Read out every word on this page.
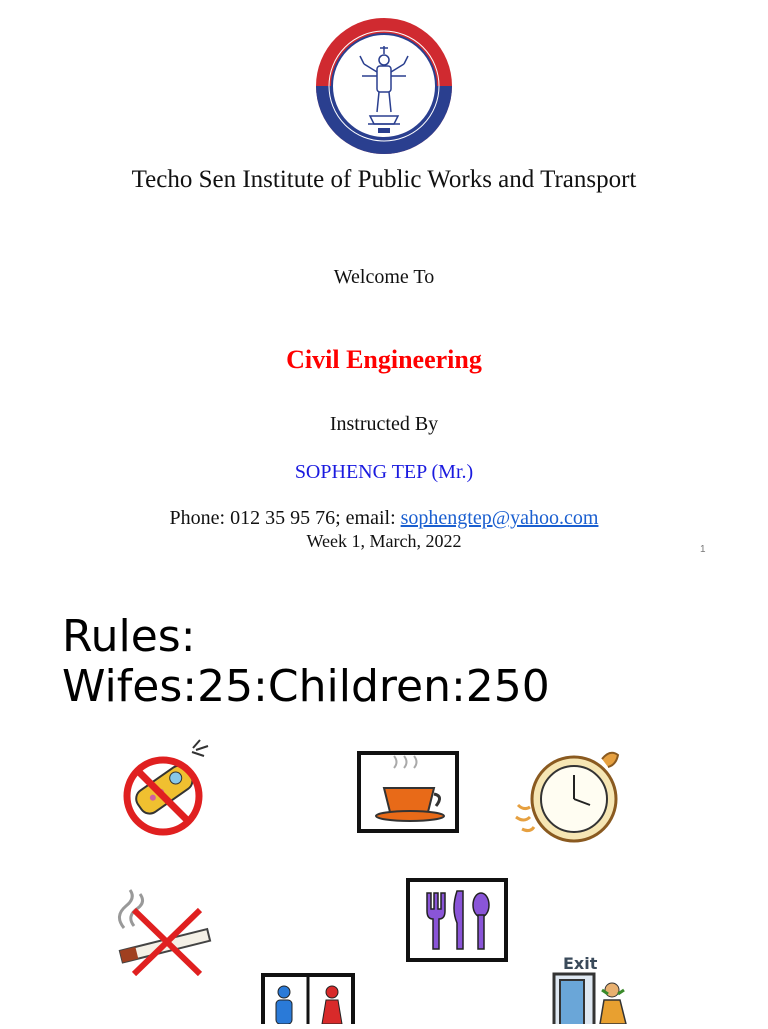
Techo Sen Institute of Public Works and Transport
Welcome To
Civil Engineering
Instructed By
SOPHENG TEP (Mr.)
Phone: 012 35 95 76; email: sophengtep@yahoo.com
Week 1, March, 2022	1
Rules:
Wifes:25:Children:250
Exit
